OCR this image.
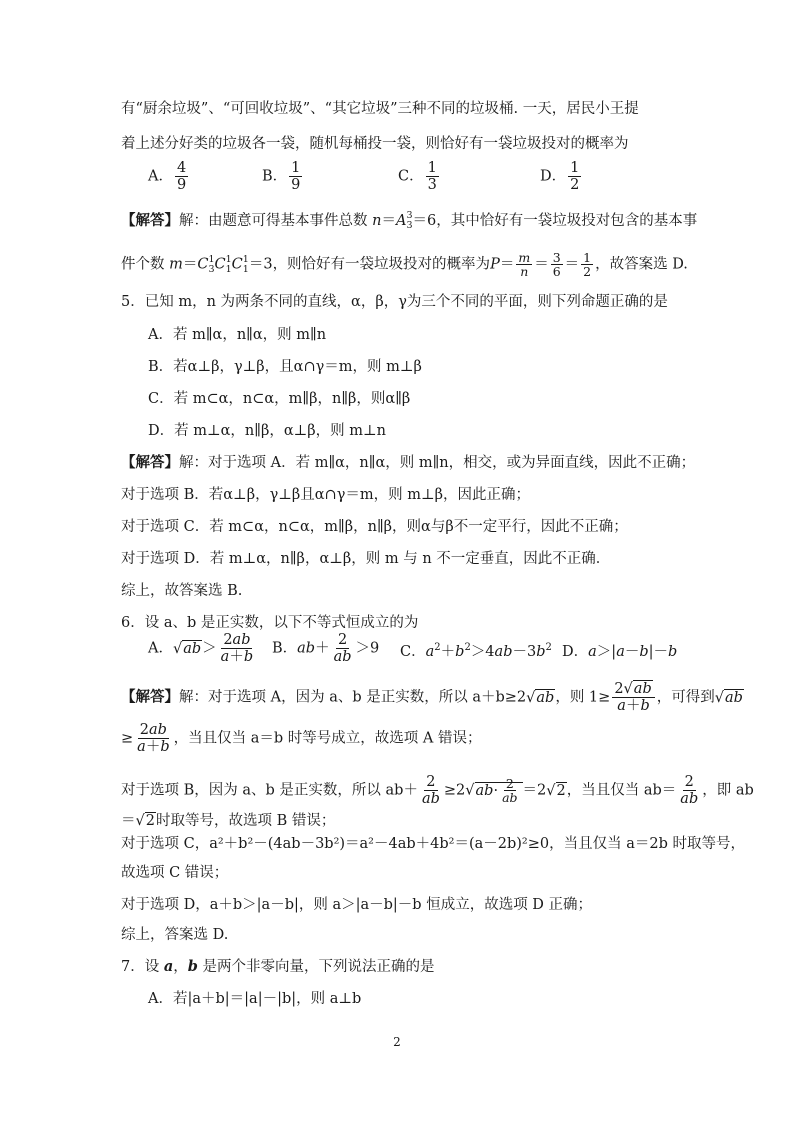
有“厨余垃圾”、“可回收垃圾”、“其它垃圾”三种不同的垃圾桶. 一天，居民小王提
着上述分好类的垃圾各一袋，随机每桶投一袋，则恰好有一袋垃圾投对的概率为
A． $\frac{4}{9}$	B． $\frac{1}{9}$	C． $\frac{1}{3}$	D． $\frac{1}{2}$
【解答】解：由题意可得基本事件总数 n＝A 3
3 ＝6，其中恰好有一袋垃圾投对包含的基本事
件个数 m＝C 1
3 C 1
1 C 1
1 ＝3，则恰好有一袋垃圾投对的概率为$P= \frac{m}{n} = \frac{3}{6} = \frac{1}{2}$ ，故答案选 D.
5．已知 m，n 为两条不同的直线，α，β，γ为三个不同的平面，则下列命题正确的是
A．若 m∥α，n∥α，则 m∥n
B．若α⊥β，γ⊥β，且α∩γ＝m，则 m⊥β
C．若 m⊂α，n⊂α，m∥β，n∥β，则α∥β
D．若 m⊥α，n∥β，α⊥β，则 m⊥n
【解答】解：对于选项 A．若 m∥α，n∥α，则 m∥n，相交，或为异面直线，因此不正确；
对于选项 B．若α⊥β，γ⊥β且α∩γ＝m，则 m⊥β，因此正确；
对于选项 C．若 m⊂α，n⊂α，m∥β，n∥β，则α与β不一定平行，因此不正确；
对于选项 D．若 m⊥α，n∥β，α⊥β，则 m 与 n 不一定垂直，因此不正确．
综上，故答案选 B.
6．设 a、b 是正实数，以下不等式恒成立的为
A．$√ab> \frac{2ab}{a+b}$ B．$ab+ \frac{2}{ab} >9$ C．$a^2+b^2>4ab-3b^2$ D．a＞|a－b|－b
【解答】解：对于选项 A，因为 a、b 是正实数，所以 a＋b≥2√ab，则 $1\ge \frac{2√ab}{a+b}$ ，可得到√ab
≥ $\frac{2ab}{a+b}$ ，当且仅当 a＝b 时等号成立，故选项 A 错误；
对于选项 B，因为 a、b 是正实数，所以 $ab+ \frac{2}{ab} \ge 2√ab\cdot \frac{2}{ab} =2√2$，当且仅当 $ab= \frac{2}{ab}$ ，即 ab
＝√2时取等号，故选项 B 错误；
对于选项 C，a²＋b²－(4ab－3b²)＝a²－4ab＋4b²＝(a－2b)²≥0，当且仅当 a＝2b 时取等号，
故选项 C 错误；
对于选项 D，a＋b＞|a－b|，则 a＞|a－b|－b 恒成立，故选项 D 正确；
综上，答案选 D.
7．设 a，b 是两个非零向量，下列说法正确的是
A．若|a＋b|＝|a|－|b|，则 a⊥b
2
